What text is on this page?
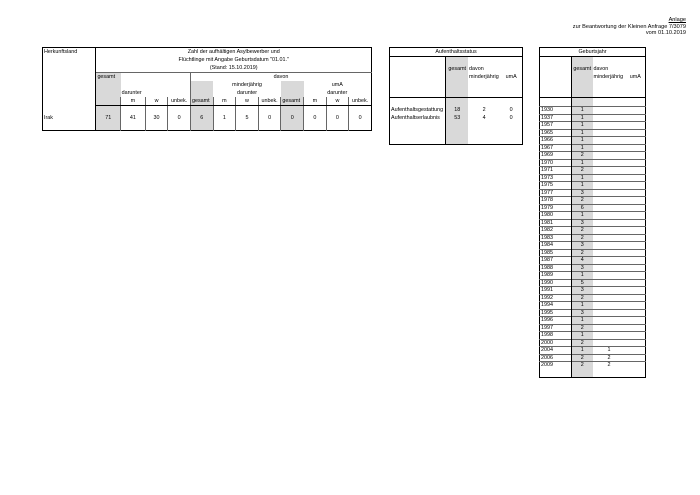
Anlage
zur Beantwortung der Kleinen Anfrage 7/3079
vom 01.10.2019
Herkunftsland	Zahl der aufhältigen Asylbewerber und											
	Flüchtlinge mit Angabe Geburtsdatum "01.01."											
	(Stand: 15.10.2019)											
	gesamt				davon							
						minderjährig				umA		
		darunter				darunter				darunter		
		m	w	unbek.	gesamt	m	w	unbek.	gesamt	m	w	unbek.

Irak	71	41	30	0	6	1	5	0	0	0	0	0

Aufenthaltsstatus			

	gesamt	davon	
		minderjährig	umA

Aufenthaltsgestattung	18	2	0
Aufenthaltserlaubnis	53	4	0

Geburtsjahr			

	gesamt	davon	
		minderjährig	umA

1930	1		
1937	1		
1957	1		
1965	1		
1966	1		
1967	1		
1969	2		
1970	1		
1971	2		
1973	1		
1975	1		
1977	3		
1978	2		
1979	6		
1980	1		
1981	3		
1982	2		
1983	2		
1984	3		
1985	2		
1987	4		
1988	3		
1989	1		
1990	5		
1991	3		
1992	2		
1994	1		
1995	3		
1996	1		
1997	2		
1998	1		
2000	2		
2004	1	1	
2006	2	2	
2009	2	2	
